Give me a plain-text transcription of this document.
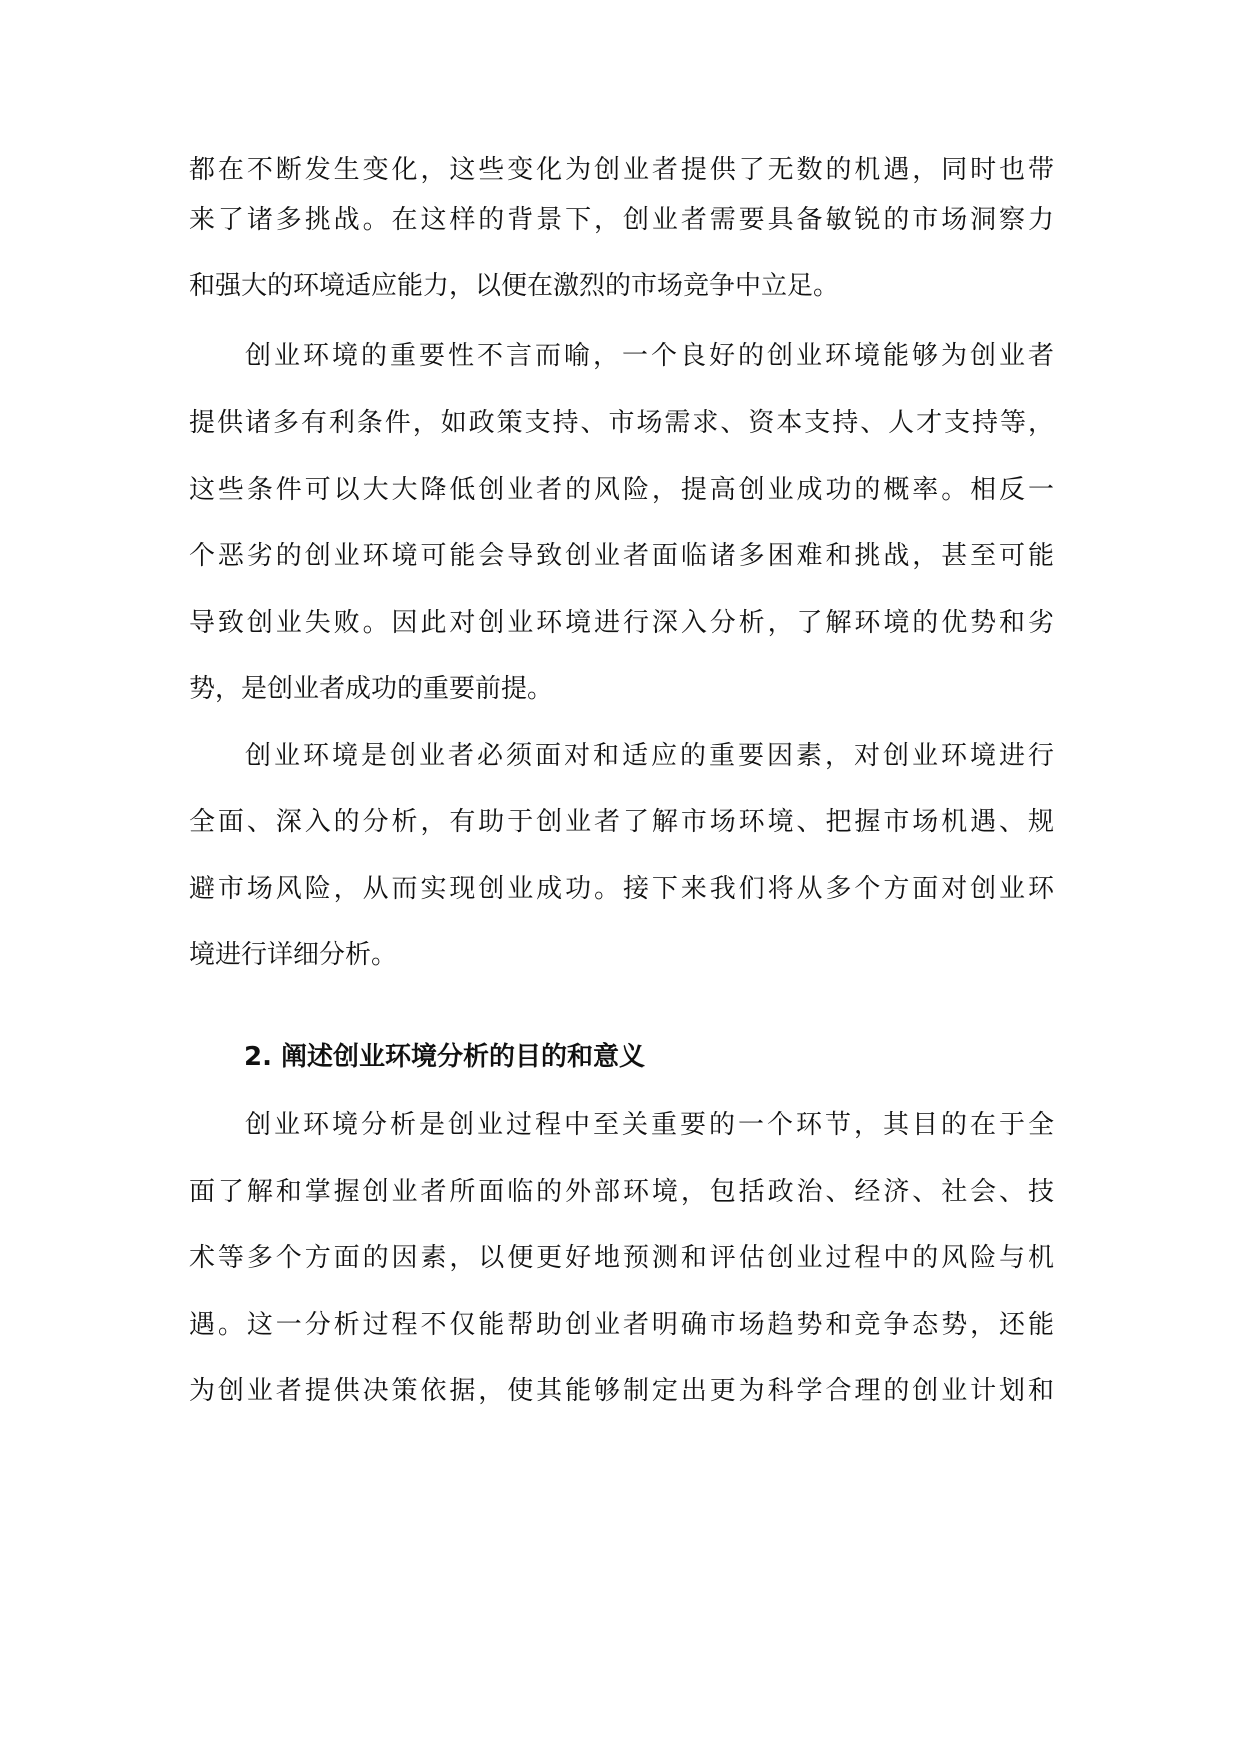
都在不断发生变化，这些变化为创业者提供了无数的机遇，同时也带
来了诸多挑战。在这样的背景下，创业者需要具备敏锐的市场洞察力
和强大的环境适应能力，以便在激烈的市场竞争中立足。
创业环境的重要性不言而喻，一个良好的创业环境能够为创业者
提供诸多有利条件，如政策支持、市场需求、资本支持、人才支持等，
这些条件可以大大降低创业者的风险，提高创业成功的概率。相反一
个恶劣的创业环境可能会导致创业者面临诸多困难和挑战，甚至可能
导致创业失败。因此对创业环境进行深入分析，了解环境的优势和劣
势，是创业者成功的重要前提。
创业环境是创业者必须面对和适应的重要因素，对创业环境进行
全面、深入的分析，有助于创业者了解市场环境、把握市场机遇、规
避市场风险，从而实现创业成功。接下来我们将从多个方面对创业环
境进行详细分析。
2. 阐述创业环境分析的目的和意义
创业环境分析是创业过程中至关重要的一个环节，其目的在于全
面了解和掌握创业者所面临的外部环境，包括政治、经济、社会、技
术等多个方面的因素，以便更好地预测和评估创业过程中的风险与机
遇。这一分析过程不仅能帮助创业者明确市场趋势和竞争态势，还能
为创业者提供决策依据，使其能够制定出更为科学合理的创业计划和
